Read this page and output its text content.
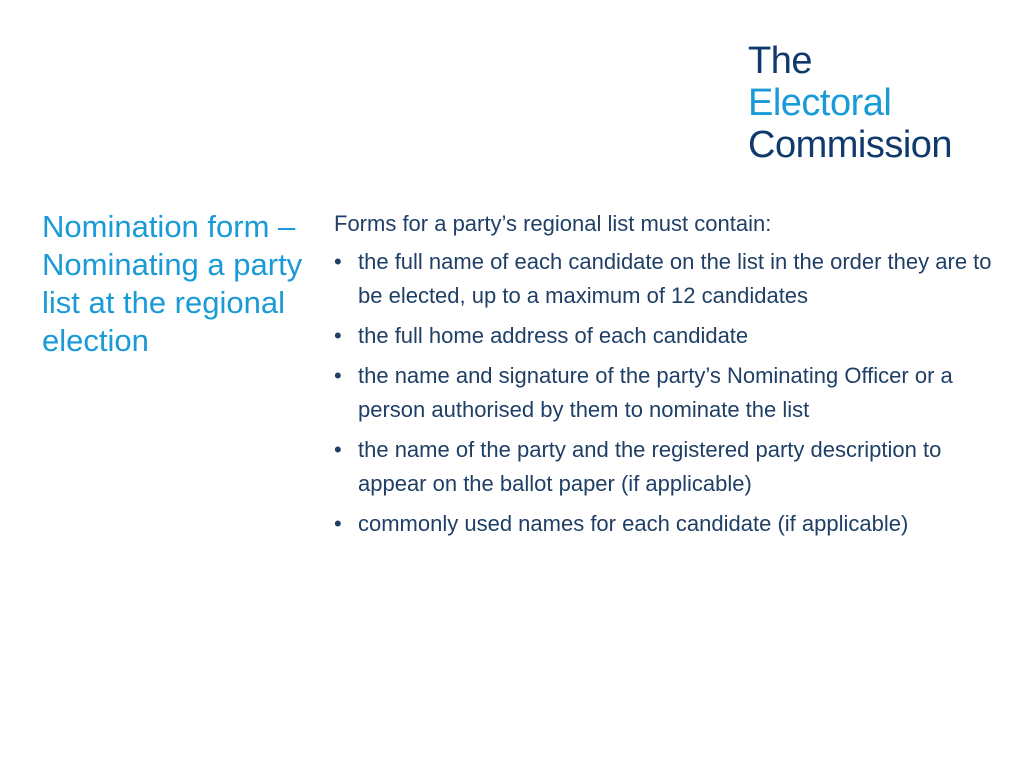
The
Electoral
Commission
Nomination form – Nominating a party list at the regional election

Forms for a party’s regional list must contain:

• the full name of each candidate on the list in the order they are to be elected, up to a maximum of 12 candidates
• the full home address of each candidate
• the name and signature of the party’s Nominating Officer or a person authorised by them to nominate the list
• the name of the party and the registered party description to appear on the ballot paper (if applicable)
• commonly used names for each candidate (if applicable)
